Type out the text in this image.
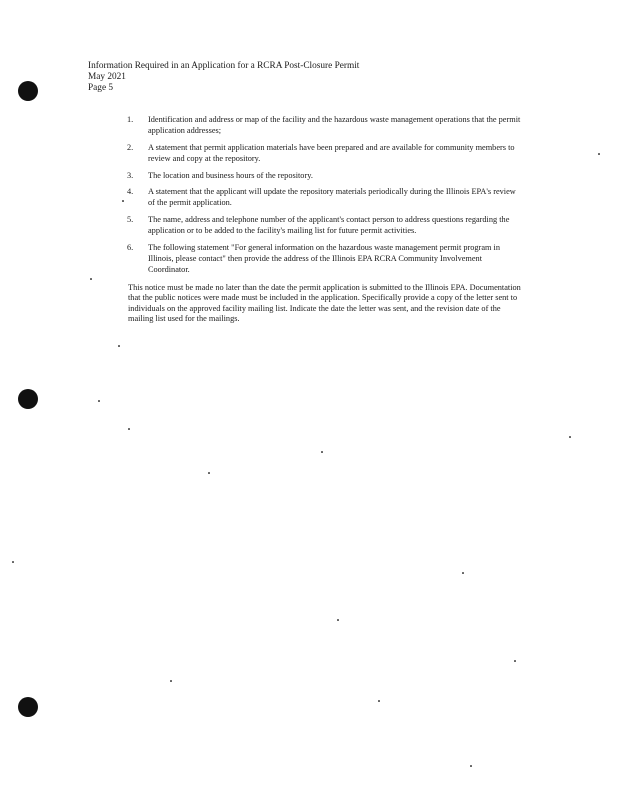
Information Required in an Application for a RCRA Post-Closure Permit
May 2021
Page 5
1. Identification and address or map of the facility and the hazardous waste management operations that the permit application addresses;
2. A statement that permit application materials have been prepared and are available for community members to review and copy at the repository.
3. The location and business hours of the repository.
4. A statement that the applicant will update the repository materials periodically during the Illinois EPA's review of the permit application.
5. The name, address and telephone number of the applicant's contact person to address questions regarding the application or to be added to the facility's mailing list for future permit activities.
6. The following statement "For general information on the hazardous waste management permit program in Illinois, please contact" then provide the address of the Illinois EPA RCRA Community Involvement Coordinator.

This notice must be made no later than the date the permit application is submitted to the Illinois EPA. Documentation that the public notices were made must be included in the application. Specifically provide a copy of the letter sent to individuals on the approved facility mailing list. Indicate the date the letter was sent, and the revision date of the mailing list used for the mailings.
